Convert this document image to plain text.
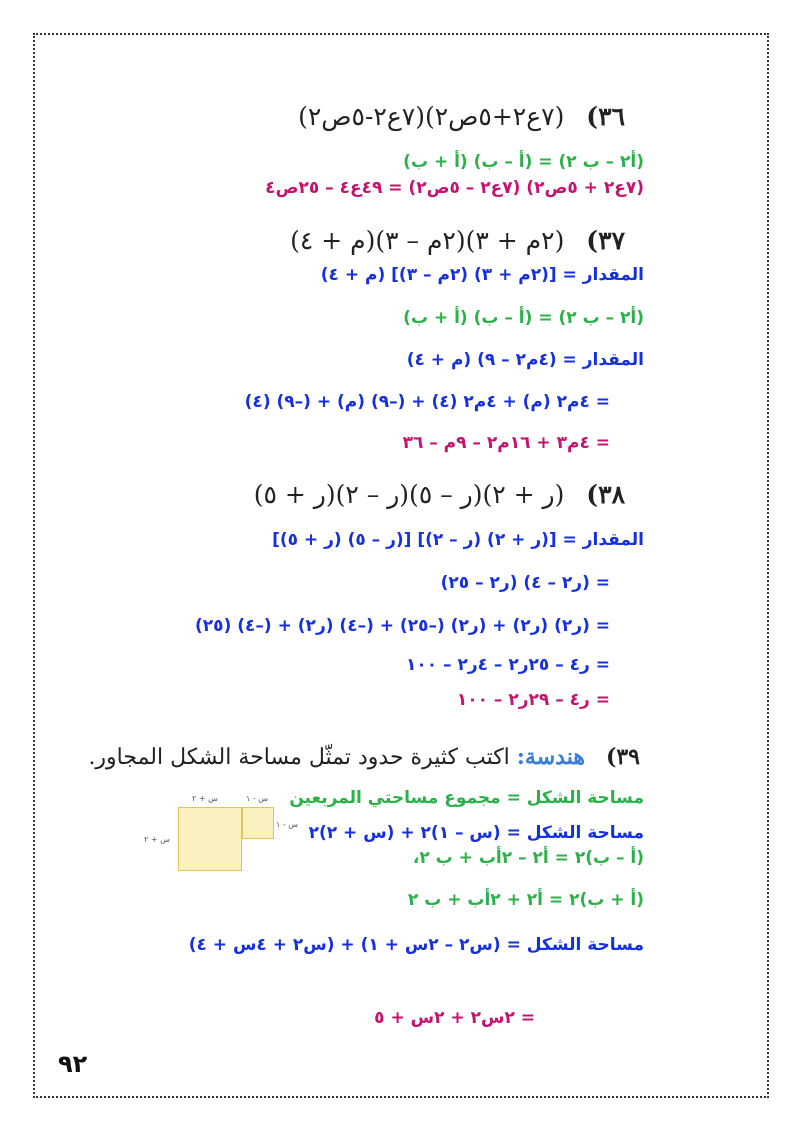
٣٦) (٧ع٢+٥ص٢)(٧ع٢-٥ص٢)
(أ٢ – ب ٢) = (أ – ب) (أ + ب)
(٧ع٢ + ٥ص٢) (٧ع٢ – ٥ص٢) = ٤٩ع٤ – ٢٥ص٤
٣٧) (٢م + ٣)(٢م – ٣)(م + ٤)
المقدار = [(٢م + ٣) (٢م – ٣)] (م + ٤)
(أ٢ – ب ٢) = (أ – ب) (أ + ب)
المقدار = (٤م٢ – ٩) (م + ٤)
= ٤م٢ (م) + ٤م٢ (٤) + (–٩) (م) + (–٩) (٤)
= ٤م٣ + ١٦م٢ – ٩م – ٣٦
٣٨) (ر + ٢)(ر – ٥)(ر – ٢)(ر + ٥)
المقدار = [(ر + ٢) (ر – ٢)] [(ر – ٥) (ر + ٥)]
= (ر٢ – ٤) (ر٢ – ٢٥)
= (ر٢) (ر٢) + (ر٢) (–٢٥) + (–٤) (ر٢) + (–٤) (٢٥)
= ر٤ – ٢٥ر٢ – ٤ر٢ – ١٠٠
= ر٤ – ٢٩ر٢ – ١٠٠
٣٩) هندسة: اكتب كثيرة حدود تمثّل مساحة الشكل المجاور.
مساحة الشكل = مجموع مساحتي المربعين
مساحة الشكل = (س – ١)٢ + (س + ٢)٢
(أ – ب)٢ = أ٢ – ٢أب + ب ٢،
(أ + ب)٢ = أ٢ + ٢أب + ب ٢
مساحة الشكل = (س٢ – ٢س + ١) + (س٢ + ٤س + ٤)
= ٢س٢ + ٢س + ٥
س + ٢	س - ١
س - ١
س + ٢
٩٢
